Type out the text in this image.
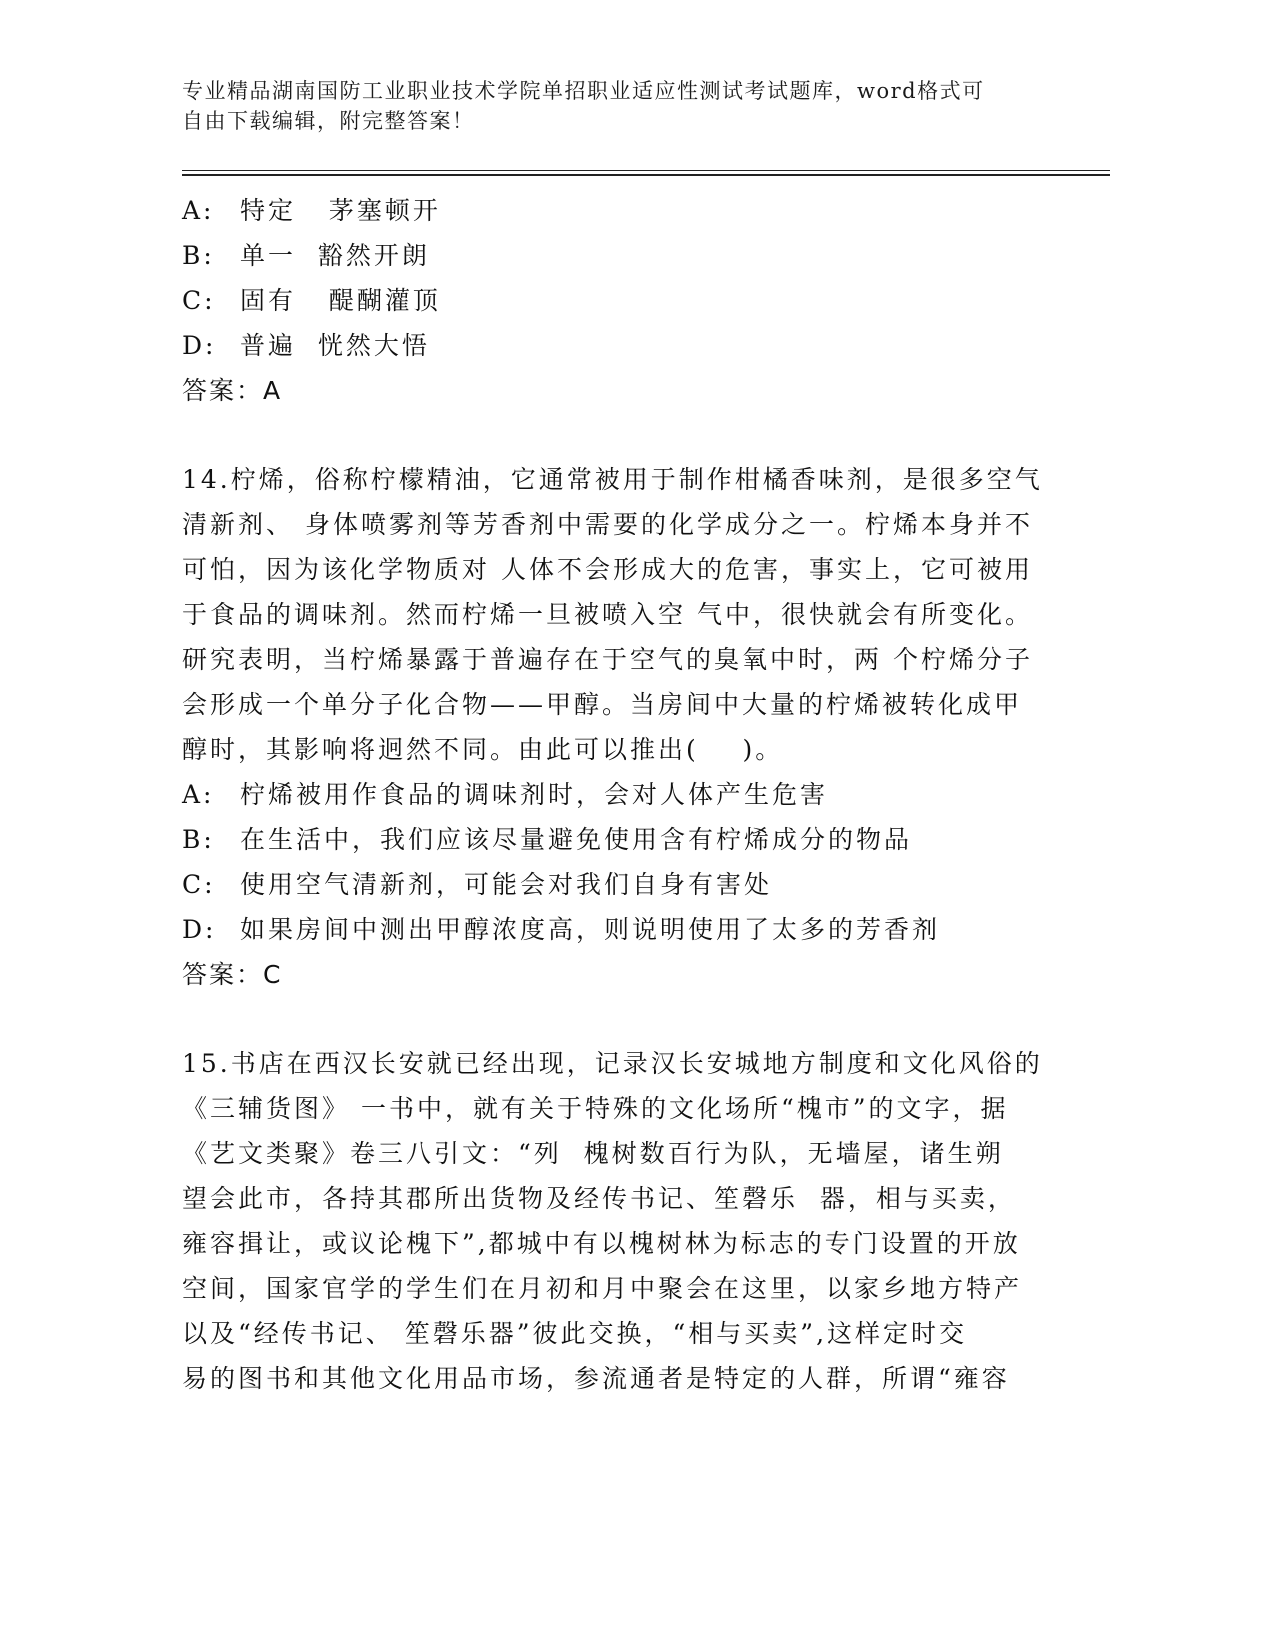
专业精品湖南国防工业职业技术学院单招职业适应性测试考试题库，word格式可
自由下载编辑，附完整答案！
A:	特定   茅塞顿开
B:	单一  豁然开朗
C: 固有   醍醐灌顶
D: 普遍  恍然大悟
答案：A
14.柠烯，俗称柠檬精油，它通常被用于制作柑橘香味剂，是很多空气
清新剂、 身体喷雾剂等芳香剂中需要的化学成分之一。柠烯本身并不
可怕，因为该化学物质对 人体不会形成大的危害，事实上，它可被用
于食品的调味剂。然而柠烯一旦被喷入空 气中，很快就会有所变化。
研究表明，当柠烯暴露于普遍存在于空气的臭氧中时，两 个柠烯分子
会形成一个单分子化合物——甲醇。当房间中大量的柠烯被转化成甲
醇时，其影响将迥然不同。由此可以推出(    )。
A:	柠烯被用作食品的调味剂时，会对人体产生危害
B:	在生活中，我们应该尽量避免使用含有柠烯成分的物品
C: 使用空气清新剂，可能会对我们自身有害处
D: 如果房间中测出甲醇浓度高，则说明使用了太多的芳香剂
答案：C
15.书店在西汉长安就已经出现，记录汉长安城地方制度和文化风俗的
《三辅货图》 一书中，就有关于特殊的文化场所“槐市”的文字，据
《艺文类聚》卷三八引文：“列  槐树数百行为队，无墙屋，诸生朔
望会此市，各持其郡所出货物及经传书记、笙磬乐  器，相与买卖，
雍容揖让，或议论槐下”,都城中有以槐树林为标志的专门设置的开放
空间，国家官学的学生们在月初和月中聚会在这里，以家乡地方特产
以及“经传书记、 笙磬乐器”彼此交换，“相与买卖”,这样定时交
易的图书和其他文化用品市场，参流通者是特定的人群，所谓“雍容
